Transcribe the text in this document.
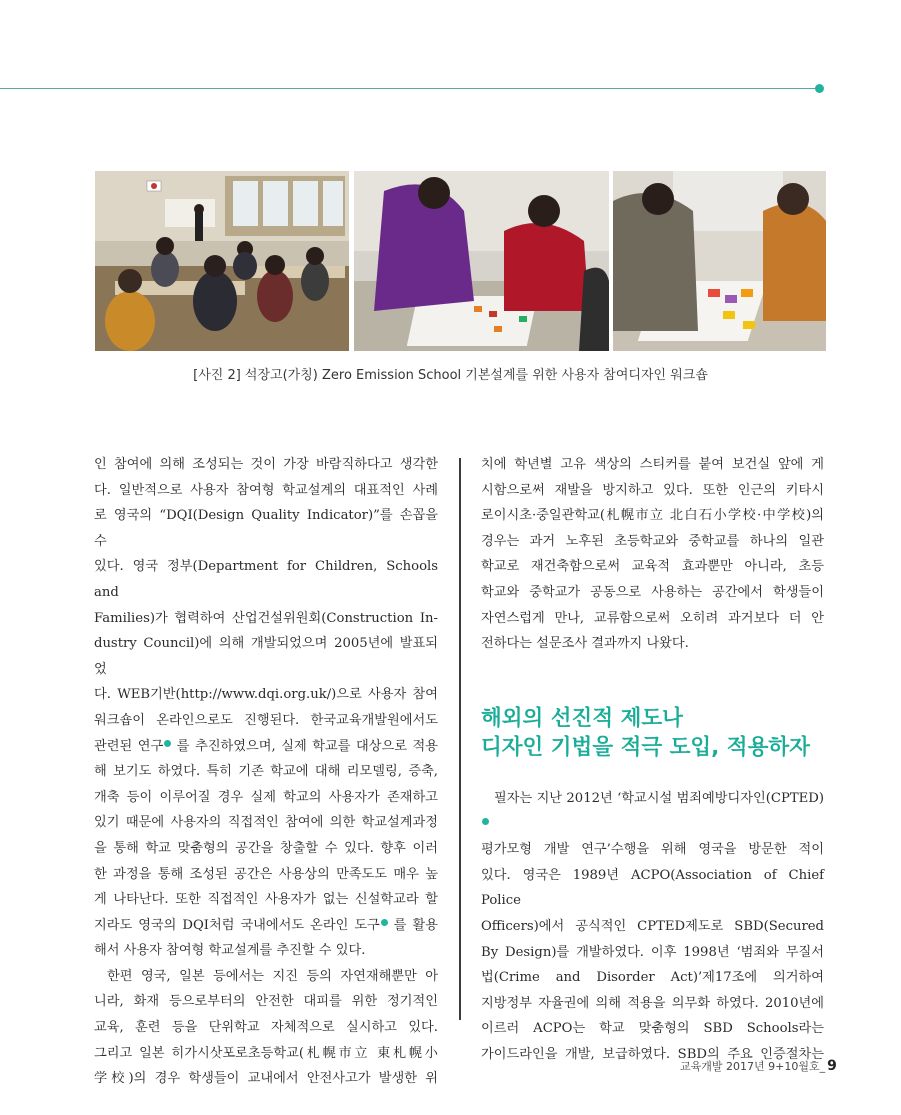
[사진 2] 석장고(가칭) Zero Emission School 기본설계를 위한 사용자 참여디자인 워크숍

인 참여에 의해 조성되는 것이 가장 바람직하다고 생각한

다. 일반적으로 사용자 참여형 학교설계의 대표적인 사례

로 영국의 “DQI(Design Quality Indicator)”를 손꼽을 수

있다. 영국 정부(Department for Children, Schools and

Families)가 협력하여 산업건설위원회(Construction In-

dustry Council)에 의해 개발되었으며 2005년에 발표되었

다. WEB기반(http://www.dqi.org.uk/)으로 사용자 참여

워크숍이 온라인으로도 진행된다. 한국교육개발원에서도

관련된 연구 를 추진하였으며, 실제 학교를 대상으로 적용

해 보기도 하였다. 특히 기존 학교에 대해 리모델링, 증축,

개축 등이 이루어질 경우 실제 학교의 사용자가 존재하고

있기 때문에 사용자의 직접적인 참여에 의한 학교설계과정

을 통해 학교 맞춤형의 공간을 창출할 수 있다. 향후 이러

한 과정을 통해 조성된 공간은 사용상의 만족도도 매우 높

게 나타난다. 또한 직접적인 사용자가 없는 신설학교라 할

지라도 영국의 DQI처럼 국내에서도 온라인 도구 를 활용

해서 사용자 참여형 학교설계를 추진할 수 있다.

한편 영국, 일본 등에서는 지진 등의 자연재해뿐만 아

니라, 화재 등으로부터의 안전한 대피를 위한 정기적인

교육, 훈련 등을 단위학교 자체적으로 실시하고 있다.

그리고 일본 히가시삿포로초등학교(札幌市立 東札幌小

学校)의 경우 학생들이 교내에서 안전사고가 발생한 위

치에 학년별 고유 색상의 스티커를 붙여 보건실 앞에 게

시함으로써 재발을 방지하고 있다. 또한 인근의 키타시

로이시초·중일관학교(札幌市立 北白石小学校·中学校)의

경우는 과거 노후된 초등학교와 중학교를 하나의 일관

학교로 재건축함으로써 교육적 효과뿐만 아니라, 초등

학교와 중학교가 공동으로 사용하는 공간에서 학생들이

자연스럽게 만나, 교류함으로써 오히려 과거보다 더 안

전하다는 설문조사 결과까지 나왔다.

해외의 선진적 제도나
디자인 기법을 적극 도입, 적용하자

필자는 지난 2012년 ‘학교시설 범죄예방디자인(CPTED)

평가모형 개발 연구’수행을 위해 영국을 방문한 적이

있다. 영국은 1989년 ACPO(Association of Chief Police

Officers)에서 공식적인 CPTED제도로 SBD(Secured

By Design)를 개발하였다. 이후 1998년 ‘범죄와 무질서

법(Crime and Disorder Act)’제17조에 의거하여

지방정부 자율권에 의해 적용을 의무화 하였다. 2010년에

이르러 ACPO는 학교 맞춤형의 SBD Schools라는

가이드라인을 개발, 보급하였다. SBD의 주요 인증절차는

교육개발 2017년 9+10월호_ 9
